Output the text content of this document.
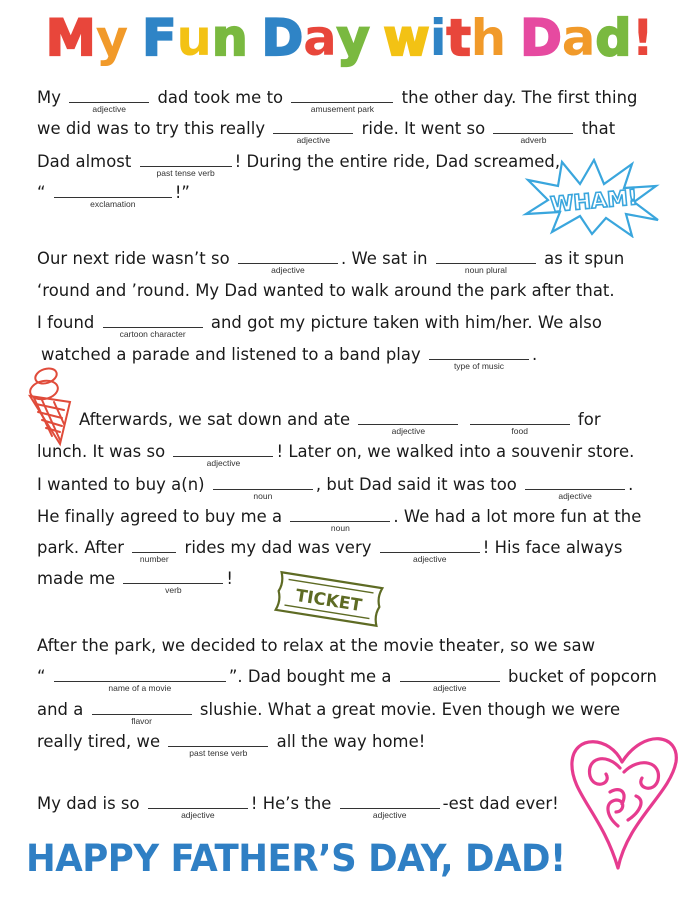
My Fun Day with Dad!
My
adjective
dad took me to
amusement park
the other day. The first thing
we did was to try this really
adjective
ride. It went so
adverb
that
Dad almost
past tense verb
! During the entire ride, Dad screamed,
“
exclamation
!”
Our next ride wasn’t so
adjective
. We sat in
noun plural
as it spun
‘round and ’round. My Dad wanted to walk around the park after that.
I found
cartoon character
and got my picture taken with him/her. We also
watched a parade and listened to a band play
type of music
.
Afterwards, we sat down and ate
adjective
	food
for
lunch. It was so
adjective
! Later on, we walked into a souvenir store.
I wanted to buy a(n)
noun
, but Dad said it was too
adjective
.
He finally agreed to buy me a
noun
. We had a lot more fun at the
park. After
number
rides my dad was very
adjective
! His face always
made me
verb
!
After the park, we decided to relax at the movie theater, so we saw
“
name of a movie
”. Dad bought me a
adjective
bucket of popcorn
and a
flavor
slushie. What a great movie. Even though we were
really tired, we
past tense verb
all the way home!
My dad is so
adjective
! He’s the
adjective
-est dad ever!
WHAM!
TICKET
HAPPY FATHER’S DAY, DAD!
